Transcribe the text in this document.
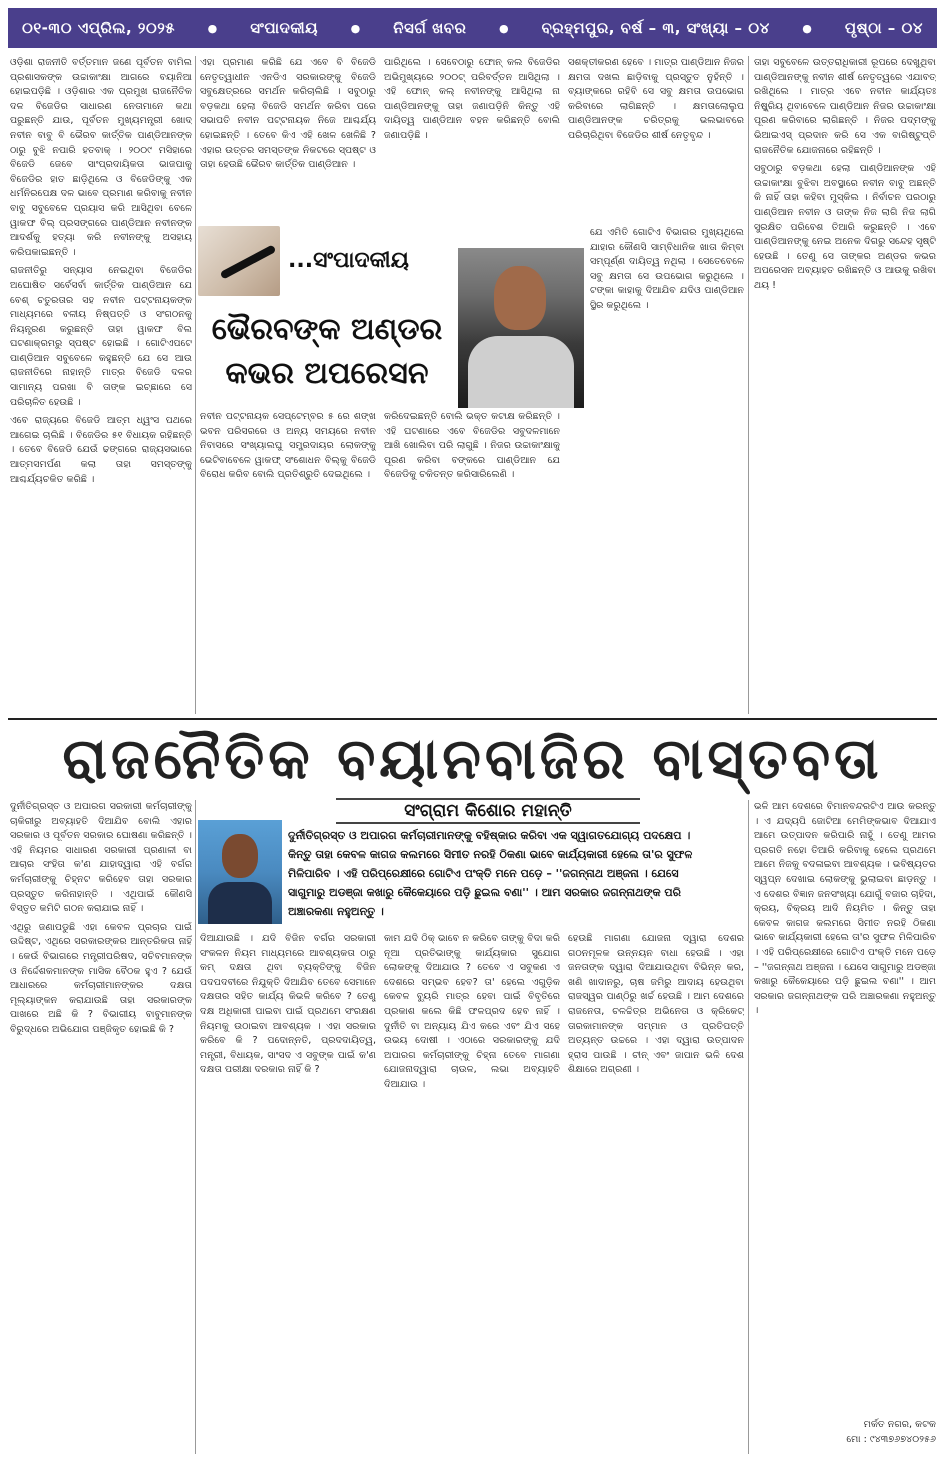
୦୧-୩୦ ଏପ୍ରିଲ, ୨୦୨୫	● ସଂପାଦକୀୟ	● ନିସର୍ଗ ଖବର	● ବ୍ରହ୍ମପୁର, ବର୍ଷ – ୩, ସଂଖ୍ୟା – ୦୪	● ପୃଷ୍ଠା – ୦୪

ଓଡ଼ିଶା ରାଜନୀତି ବର୍ତ୍ତମାନ ଜଣେ ପୂର୍ବତନ ବାମିଲ ପ୍ରଶାସକଙ୍କ ଉଚ୍ଚାକାଂକ୍ଷା ଆଗରେ ବୟାନିଆ ହୋଇପଡ଼ିଛି । ଓଡ଼ିଶାର ଏକ ପ୍ରମୁଖ ରାଜନୈତିକ ଦଳ ବିଜେଡିର ସାଧାରଣ ନେତାମାନେ କଥା ପରୁଛନ୍ତି ଯାଉ, ପୂର୍ବତନ ମୁଖ୍ୟମନ୍ତ୍ରୀ ଖୋଦ୍ ନବୀନ ବାବୁ ବି ଭୈରବ କାର୍ତ୍ତିକ ପାଣ୍ଡିଆନଙ୍କ ଠାରୁ ବୁଝି ନପାରି ହତବାକ୍ । ୨୦୦୯ ମସିହାରେ ବିଜେଡି ଜେବେ ସାଂପ୍ରଦାୟିକତା ଭାଜପାକୁ ବିଜେଡିର ହାତ ଛାଡ଼ିଥିଲେ ଓ ବିଜେଡିଙ୍କୁ ଏକ ଧର୍ମନିରପେକ୍ଷ ଦଳ ଭାବେ ପ୍ରମାଣ କରିବାକୁ ନବୀନ ବାବୁ ସବୁବେଳେ ପ୍ରୟାସ କରି ଆସିଥିବା ବେଳେ ୱାକଫ ବିଲ୍ ପ୍ରସଙ୍ଗରେ ପାଣ୍ଡିଆନ ନବୀନଙ୍କ ଆଦର୍ଶକୁ ହତ୍ୟା କରି ନବୀନଙ୍କୁ ଅସହାୟ କରିପକାଇଛନ୍ତି ।

ରାଜନୀତିରୁ ସନ୍ୟାସ ନେଇଥିବା ବିଜେଡିର ଅଘୋଷିତ ସର୍ବେସର୍ବା କାର୍ତ୍ତିକ ପାଣ୍ଡିଆନ ଯେ ବେଶ୍ ଚତୁରତାର ସହ ନବୀନ ପଟ୍ଟନାୟକଙ୍କ ମାଧ୍ୟମରେ ବଳୀୟ ନିଷ୍ପତ୍ତି ଓ ସଂଗଠନକୁ ନିୟନ୍ତ୍ରଣ କରୁଛନ୍ତି ତାହା ୱାକଫ ବିଲ ଘଟଣାକ୍ରମରୁ ସ୍ପଷ୍ଟ ହୋଇଛି । ଗୋଟିଏପଟେ ପାଣ୍ଡିଆନ ସବୁବେଳେ କହୁଛନ୍ତି ଯେ ସେ ଆଉ ରାଜନୀତିରେ ନାହାନ୍ତି ମାତ୍ର ବିଜେଡି ଦଳର ସାମାନ୍ୟ ପରଖା ବି ତାଙ୍କ ଇଚ୍ଛାରେ ସେ ପରିଚାଳିତ ହେଉଛି ।

ଏବେ ରାଜ୍ୟରେ ବିଜେଡି ଆତ୍ମ ଧ୍ୱଂସ ପଥରେ ଆଗେଇ ଚାଲିଛି । ବିଜେଡିର ୫୧ ବିଧାୟକ ରହିଛନ୍ତି । ତେବେ ବିଜେଡି ଯେଉଁ ଢଙ୍ଗରେ ରାଜ୍ୟସଭାରେ ଆତ୍ମସମର୍ପଣ କଲା ତାହା ସମସ୍ତଙ୍କୁ ଆଶ୍ଚର୍ଯ୍ୟଚକିତ କରିଛି ।

ଏହା ପ୍ରମାଣ କରିଛି ଯେ ଏବେ ବି ବିଜେଡି ନେତୃତ୍ୱାଧୀନ ଏନଡିଏ ସରକାରଙ୍କୁ ବିଜେଡି ସବୁକ୍ଷେତ୍ରରେ ସମର୍ଥନ କରିଚାଲିଛି । ସବୁଠାରୁ ବଡ଼କଥା ହେଲା ବିଜେଡି ସମର୍ଥନ କରିବା ପରେ ସଭାପତି ନବୀନ ପଟ୍ଟନାୟକ ନିଜେ ଆଶ୍ଚର୍ଯ୍ୟ ହୋଇଛନ୍ତି । ତେବେ କିଏ ଏହି ଖେଳ ଖେଳିଛି ? ଏହାର ଉତ୍ତର ସମସ୍ତଙ୍କ ନିକଟରେ ସ୍ପଷ୍ଟ ଓ ତାହା ହେଉଛି ଭୈରବ କାର୍ତ୍ତିକ ପାଣ୍ଡିଆନ ।

ପାରିଥିଲେ । ସେବେଠାରୁ ଫୋନ୍ କଲ ବିଜେଡିର ଅଭିମୁଖ୍ୟରେ ୨୦୦ଟ୍ ପରିବର୍ତ୍ତନ ଆସିଥିଲା । ଏହି ଫୋନ୍ କଲ୍ ନବୀନଙ୍କୁ ଆସିଥିଲା ନା ପାଣ୍ଡିଆନଙ୍କୁ ତାହା ଜଣାପଡ଼ିନି କିନ୍ତୁ ଏହି ଦାୟିତ୍ୱ ପାଣ୍ଡିଆନ ବହନ କରିଛନ୍ତି ବୋଲି ଜଣାପଡ଼ିଛି ।

ସଶକ୍ତୀକରଣ ହେବେ । ମାତ୍ର ପାଣ୍ଡିଆନ ନିଜର କ୍ଷମତା ଦଖଲ ଛାଡ଼ିବାକୁ ପ୍ରସ୍ତୁତ ନୁହଁନ୍ତି । ବ୍ୟାଙ୍କରେ ରହିବି ସେ ସବୁ କ୍ଷମତା ଉପଭୋଗ କରିବାରେ ଲାଗିଛନ୍ତି । କ୍ଷମତାଲୋଲୁପ ପାଣ୍ଡିଆନଙ୍କ ଚରିତ୍ରକୁ ଭଲଭାବରେ ପରିଚାରିଥିବା ବିଜେଡିର ଶୀର୍ଷ ନେତୃବୃନ୍ଦ ।

ଯେ ଏମିତି ଗୋଟିଏ ବିଭାଗର ମୁଖ୍ୟଥିଲେ ଯାହାର କୌଣସି ସାମ୍ବିଧାନିକ ଖାତା କିମ୍ବା ସମ୍ପୂର୍ଣ୍ଣ ଦାୟିତ୍ୱ ନଥିଲା । ସେତେବେଳେ ସବୁ କ୍ଷମତା ସେ ଉପଭୋଗ କରୁଥିଲେ । ଟଙ୍କା କାହାକୁ ଦିଆଯିବ ଯଦିଓ ପାଣ୍ଡିଆନ ସ୍ଥିର କରୁଥିଲେ ।

ତାହା ସବୁବେଳେ ଉତ୍ତରାଧିକାରୀ ରୂପରେ ଦେଖୁଥିବା ପାଣ୍ଡିଆନଙ୍କୁ ନବୀନ ଶୀର୍ଷ ନେତୃତ୍ୱରେ ଏଯାବତ୍ ରଖିଥିଲେ । ମାତ୍ର ଏବେ ନବୀନ କାର୍ଯ୍ୟତଃ ନିଷ୍କ୍ରିୟ ଥିବାବେଳେ ପାଣ୍ଡିଆନ ନିଜର ଉଚ୍ଚାକାଂକ୍ଷା ପୂରଣ କରିବାରେ ଲାଗିଛନ୍ତି । ନିଜର ପଦ୍ମଙ୍କୁ ଭିଆଇଏସ୍ ପ୍ରଦାନ କରି ସେ ଏକ ବାଗିଷ୍ଟୁପ୍ତି ରାଜନୈତିକ ଯୋଜନାରେ ରହିଛନ୍ତି ।

ସବୁଠାରୁ ବଡ଼କଥା ହେଲା ପାଣ୍ଡିଆନଙ୍କ ଏହି ଉଚ୍ଚାକାଂକ୍ଷା ବୁଝିବା ଅବସ୍ଥାରେ ନବୀନ ବାବୁ ଅଛନ୍ତି କି ନାହିଁ ତାହା କହିବା ମୁସ୍କିଲ । ନିର୍ବାଚନ ପରଠାରୁ ପାଣ୍ଡିଆନ ନବୀନ ଓ ତାଙ୍କ ନିଜ ଲାଗି ନିଜ ଲାଗି ସୁରକ୍ଷିତ ପରିବେଶ ତିଆରି କରୁଛନ୍ତି । ଏବେ ପାଣ୍ଡିଆନଙ୍କୁ ନେଇ ଅନେକ ଦିଗରୁ ସନ୍ଦେହ ସୃଷ୍ଟି ହେଉଛି । ତେଣୁ ସେ ତାଙ୍କର ଅଣ୍ଡର କଭର ଅପରେସନ ଅବ୍ୟାହତ ରଖିଛନ୍ତି ଓ ଆଉକୁ ରଖିବା ଥୟ !

...ସଂପାଦକୀୟ
ଭୈରବଙ୍କ ଅଣ୍ଡର
କଭର ଅପରେସନ

ନବୀନ ପଟ୍ଟନାୟକ ସେପ୍ଟେମ୍ବର ୫ ରେ ଶଙ୍ଖ ଭବନ ପରିସରରେ ଓ ଅନ୍ୟ ସମୟରେ ନବୀନ ନିବାସରେ ସଂଖ୍ୟାଲଘୁ ସମ୍ପ୍ରଦାୟର ଲୋକଙ୍କୁ ଭେଟିବାବେଳେ ୱାକଫ୍ ସଂଶୋଧନ ବିଲ୍କୁ ବିଜେଡି ବିରୋଧ କରିବ ବୋଲି ପ୍ରତିଶ୍ରୁତି ଦେଇଥିଲେ ।

କରିଦେଇଛନ୍ତି ବୋଲି ଭକ୍ତ କଟାକ୍ଷ କରିଛନ୍ତି । ଏହି ଘଟଣାରେ ଏବେ ବିଜେଡିର ସବୁଦଳମାନେ ଆଖି ଖୋଲିବା ପରି ଲାଗୁଛି । ନିଜର ଉଚ୍ଚାକାଂକ୍ଷାକୁ ପୂରଣ କରିବା ବଙ୍କରେ ପାଣ୍ଡିଆନ ଯେ ବିଜେଡିକୁ ଚକିତନ୍ତ କରିସାରିଲେଣି ।

ରାଜନୈତିକ ବୟାନବାଜିର ବାସ୍ତବତା
ସଂଗ୍ରାମ କିଶୋର ମହାନ୍ତି
ଦୁର୍ନୀତିଗ୍ରସ୍ତ ଓ ଅପାରଗ କର୍ମଚାରୀମାନଙ୍କୁ ବହିଷ୍କାର କରିବା ଏକ ସ୍ୱାଗତଯୋଗ୍ୟ ପଦକ୍ଷେପ । କିନ୍ତୁ ତାହା କେବଳ କାଗଜ କଲମରେ ସିମୀତ ନରହି ଠିକଣା ଭାବେ କାର୍ଯ୍ୟକାରୀ ହେଲେ ତା'ର ସୁଫଳ ମିଳିପାରିବ । ଏହି ପରିପ୍ରେକ୍ଷୀରେ ଗୋଟିଏ ପଂକ୍ତି ମନେ ପଡ଼େ – ''ଜଗନ୍ନାଥ ଅଞ୍ଜନା । ଯେସେ ସାଗୁମାରୁ ଅଡଞ୍ଜା କଖାରୁ କୈକେୟାରେ ପଡ଼ି ଛୁଇଲ ବଣା'' । ଆମ ସରକାର ଜଗନ୍ନାଥଙ୍କ ପରି ଅଞ୍ଚାରକଣା ନହୁଅନ୍ତୁ ।

ଦୁର୍ନୀତିଗ୍ରସ୍ତ ଓ ଅପାରଗ ସରକାରୀ କର୍ମଚାରୀଙ୍କୁ ଚାକିରୀରୁ ଅବ୍ୟାହତି ଦିଆଯିବ ବୋଲି ଏହାର ସରକାର ଓ ପୂର୍ବତନ ସରକାର ଘୋଷଣା କରିଛନ୍ତି । ଏହି ନିୟମର ସାଧାରଣ ସରକାରୀ ପ୍ରଣାଳୀ ବା ଆଚାର ସଂହିତା କ'ଣ ଯାହାଦ୍ୱାରା ଏହି ବର୍ଗର କର୍ମଚାରୀଙ୍କୁ ଚିହ୍ନଟ କରିହେବ ତାହା ସରକାର ପ୍ରସ୍ତୁତ କରିନାହାନ୍ତି । ଏଥିପାଇଁ କୌଣସି ବିସ୍ତୃତ କମିଟି ଗଠନ କରାଯାଇ ନାହିଁ ।

ଏଥିରୁ ଜଣାପଡୁଛି ଏହା କେବଳ ପ୍ରଚାର ପାଇଁ ଉଦ୍ଦିଷ୍ଟ, ଏଥିରେ ସରକାରଙ୍କର ଆନ୍ତରିକତା ନାହିଁ । କେଉଁ ବିଭାଗରେ ମନ୍ତ୍ରୀପରିଷଦ, ସଚିବମାନଙ୍କ ଓ ନିର୍ଦ୍ଦେଶକମାନଙ୍କ ମାସିକ ବୈଠକ ହୁଏ ? ଯେଉଁ ଆଧାରରେ କର୍ମଚାରୀମାନଙ୍କର ଦକ୍ଷତା ମୂଲ୍ୟାଙ୍କନ କରାଯାଉଛି ତାହା ସରକାରଙ୍କ ପାଖରେ ଅଛି କି ? ବିଭାଗୀୟ ବାବୁମାନଙ୍କ ବିରୁଦ୍ଧରେ ଅଭିଯୋଗ ପଞ୍ଜିକୃତ ହୋଇଛି କି ?

ଦିଆଯାଉଛି । ଯଦି ବିଜିନ ବର୍ଗର ସରକାରୀ ସଂକଳନ ନିୟମ ମାଧ୍ୟମରେ ଆବଶ୍ୟକତା ଠାରୁ କମ୍ ଦକ୍ଷତା ଥିବା ବ୍ୟକ୍ତିଙ୍କୁ ବିଜିନ ପଦପଦବୀରେ ନିଯୁକ୍ତି ଦିଆଯିବ ତେବେ ସେମାନେ ଦକ୍ଷତାର ସହିତ କାର୍ଯ୍ୟ କିଭଳି କରିବେ ? ତେଣୁ ଦକ୍ଷ ଅଧିକାରୀ ପାଇବା ପାଇଁ ପ୍ରଥମେ ସଂରକ୍ଷଣ ନିୟମକୁ ଉଠାଇବା ଆବଶ୍ୟକ । ଏହା ସରକାର କରିବେ କି ? ପଦୋନ୍ନତି, ପ୍ରଦଦାୟିତ୍ୱ, ମନ୍ତ୍ରୀ, ବିଧାୟକ, ସାଂସଦ ଏ ସବୁଙ୍କ ପାଇଁ କ'ଣ ଦକ୍ଷତା ପରୀକ୍ଷା ଦରକାର ନାହିଁ କି ?

କାମ ଯଦି ଠିକ୍ ଭାବେ ନ କରିବେ ତାଙ୍କୁ ବିଦା କରି ନୂଆ ପ୍ରତିଭାଙ୍କୁ କାର୍ଯ୍ୟକାର ସୁଯୋଗ ଲୋକଙ୍କୁ ଦିଆଯାଉ ? ତେବେ ଏ ସବୁକଣ ଏ ଦେଶରେ ସମ୍ଭବ ହେବ? ତା' ହେଲେ ଏଗୁଡ଼ିକ କେବଳ ବ୍ୟୁରି ମାତ୍ର ହେବା ପାଇଁ ବିବୃତିରେ ପ୍ରକାଶ କଲେ କିଛି ଫଳପ୍ରଦ ହେବ ନାହିଁ । ଦୁର୍ନୀତି ବା ଅନ୍ୟାୟ ଯିଏ କରେ ଏବଂ ଯିଏ ସହେ ଉଭୟ ଦୋଷୀ । ଏଠାରେ ସରକାରଙ୍କୁ ଯଦି ଅପାରଗ କର୍ମଚାରୀଙ୍କୁ ଚିହ୍ନା ତେବେ ମାଗଣା ଯୋଜନାଦ୍ୱାରା ଚାଉଳ, ଲଭା ଅବ୍ୟାହତି ଦିଆଯାଉ ।

ହେଉଛି ମାଗଣା ଯୋଜନା ଦ୍ୱାରା ଦେଶର ଗଠନମୂଳକ ଉନ୍ନୟନ ବାଧା ହେଉଛି । ଏହା ଜନତାଙ୍କ ଦ୍ୱାରା ଦିଆଯାଉଥିବା ବିଭିନ୍ନ କର, ଖଣି ଖାଦାନରୁ, ଚାଷ ଜମିରୁ ଆଦାୟ ହେଉଥିବା ରାଜସ୍ୱର ପାଣ୍ଠିରୁ ଖର୍ଚ୍ଚ ହେଉଛି । ଆମ ଦେଶରେ ରାଜନେତା, ଚଳଚ୍ଚିତ୍ର ଅଭିନେତା ଓ କ୍ରିକେଟ୍ ତାରକାମାନଙ୍କ ସମ୍ମାନ ଓ ପ୍ରତିପତ୍ତି ଅତ୍ୟନ୍ତ ଉଚ୍ଚରେ । ଏହା ଦ୍ୱାରା ଉତ୍ପାଦନ ହ୍ରାସ ପାଉଛି । ଚୀନ୍ ଏବଂ ଜାପାନ ଭଳି ଦେଶ ଶିକ୍ଷାରେ ଅଗ୍ରଣୀ ।

ଭଳି ଆମ ଦେଶରେ ବିମାନବନ୍ଦରଟିଏ ଆଉ କରନ୍ତୁ । ଏ ଯଦ୍ୟପି ଜୋଟିଆ ମେମିଙ୍କଭାବ ଦିଆଯାଏ ଆମେ ଉତ୍ପାଦନ କରିପାରି ନାହୁଁ । ତେଣୁ ଆମର ପ୍ରଗତି ନହୋ ତିଆରି କରିବାକୁ ହେଲେ ପ୍ରଥମେ ଆମେ ନିଜକୁ ବଦଳାଇବା ଆବଶ୍ୟକ । ଭବିଷ୍ୟତର ସ୍ୱପ୍ନ ଦେଖାଇ ଲୋକଙ୍କୁ ଭୁଲାଇବା ଛାଡ଼ନ୍ତୁ । ଏ ଦେଶର ବିଜ୍ଞାନ ଜନସଂଖ୍ୟା ଯୋଗୁଁ ବଜାର ଚାହିଦା, କ୍ରୟ, ବିକ୍ରୟ ଆଦି ନିୟମିତ । କିନ୍ତୁ ତାହା କେବଳ କାଗଜ କଲମରେ ସିମୀତ ନରହି ଠିକଣା ଭାବେ କାର୍ଯ୍ୟକାରୀ ହେଲେ ତା'ର ସୁଫଳ ମିଳିପାରିବ । ଏହି ପରିପ୍ରେକ୍ଷୀରେ ଗୋଟିଏ ପଂକ୍ତି ମନେ ପଡ଼େ – ''ଜଗନ୍ନାଥ ଅଞ୍ଜନା । ଯେସେ ସାଗୁମାରୁ ଅଡଞ୍ଜା କଖାରୁ କୈକେୟାରେ ପଡ଼ି ଛୁଇଲ ବଣା'' । ଆମ ସରକାର ଜଗନ୍ନାଥଙ୍କ ପରି ଅଞ୍ଚାରକଣା ନହୁଅନ୍ତୁ ।

ମର୍କତ ନଗର, କଟକ
ମୋ : ୯୪୩୭୬୭୪୦୨୫୬
